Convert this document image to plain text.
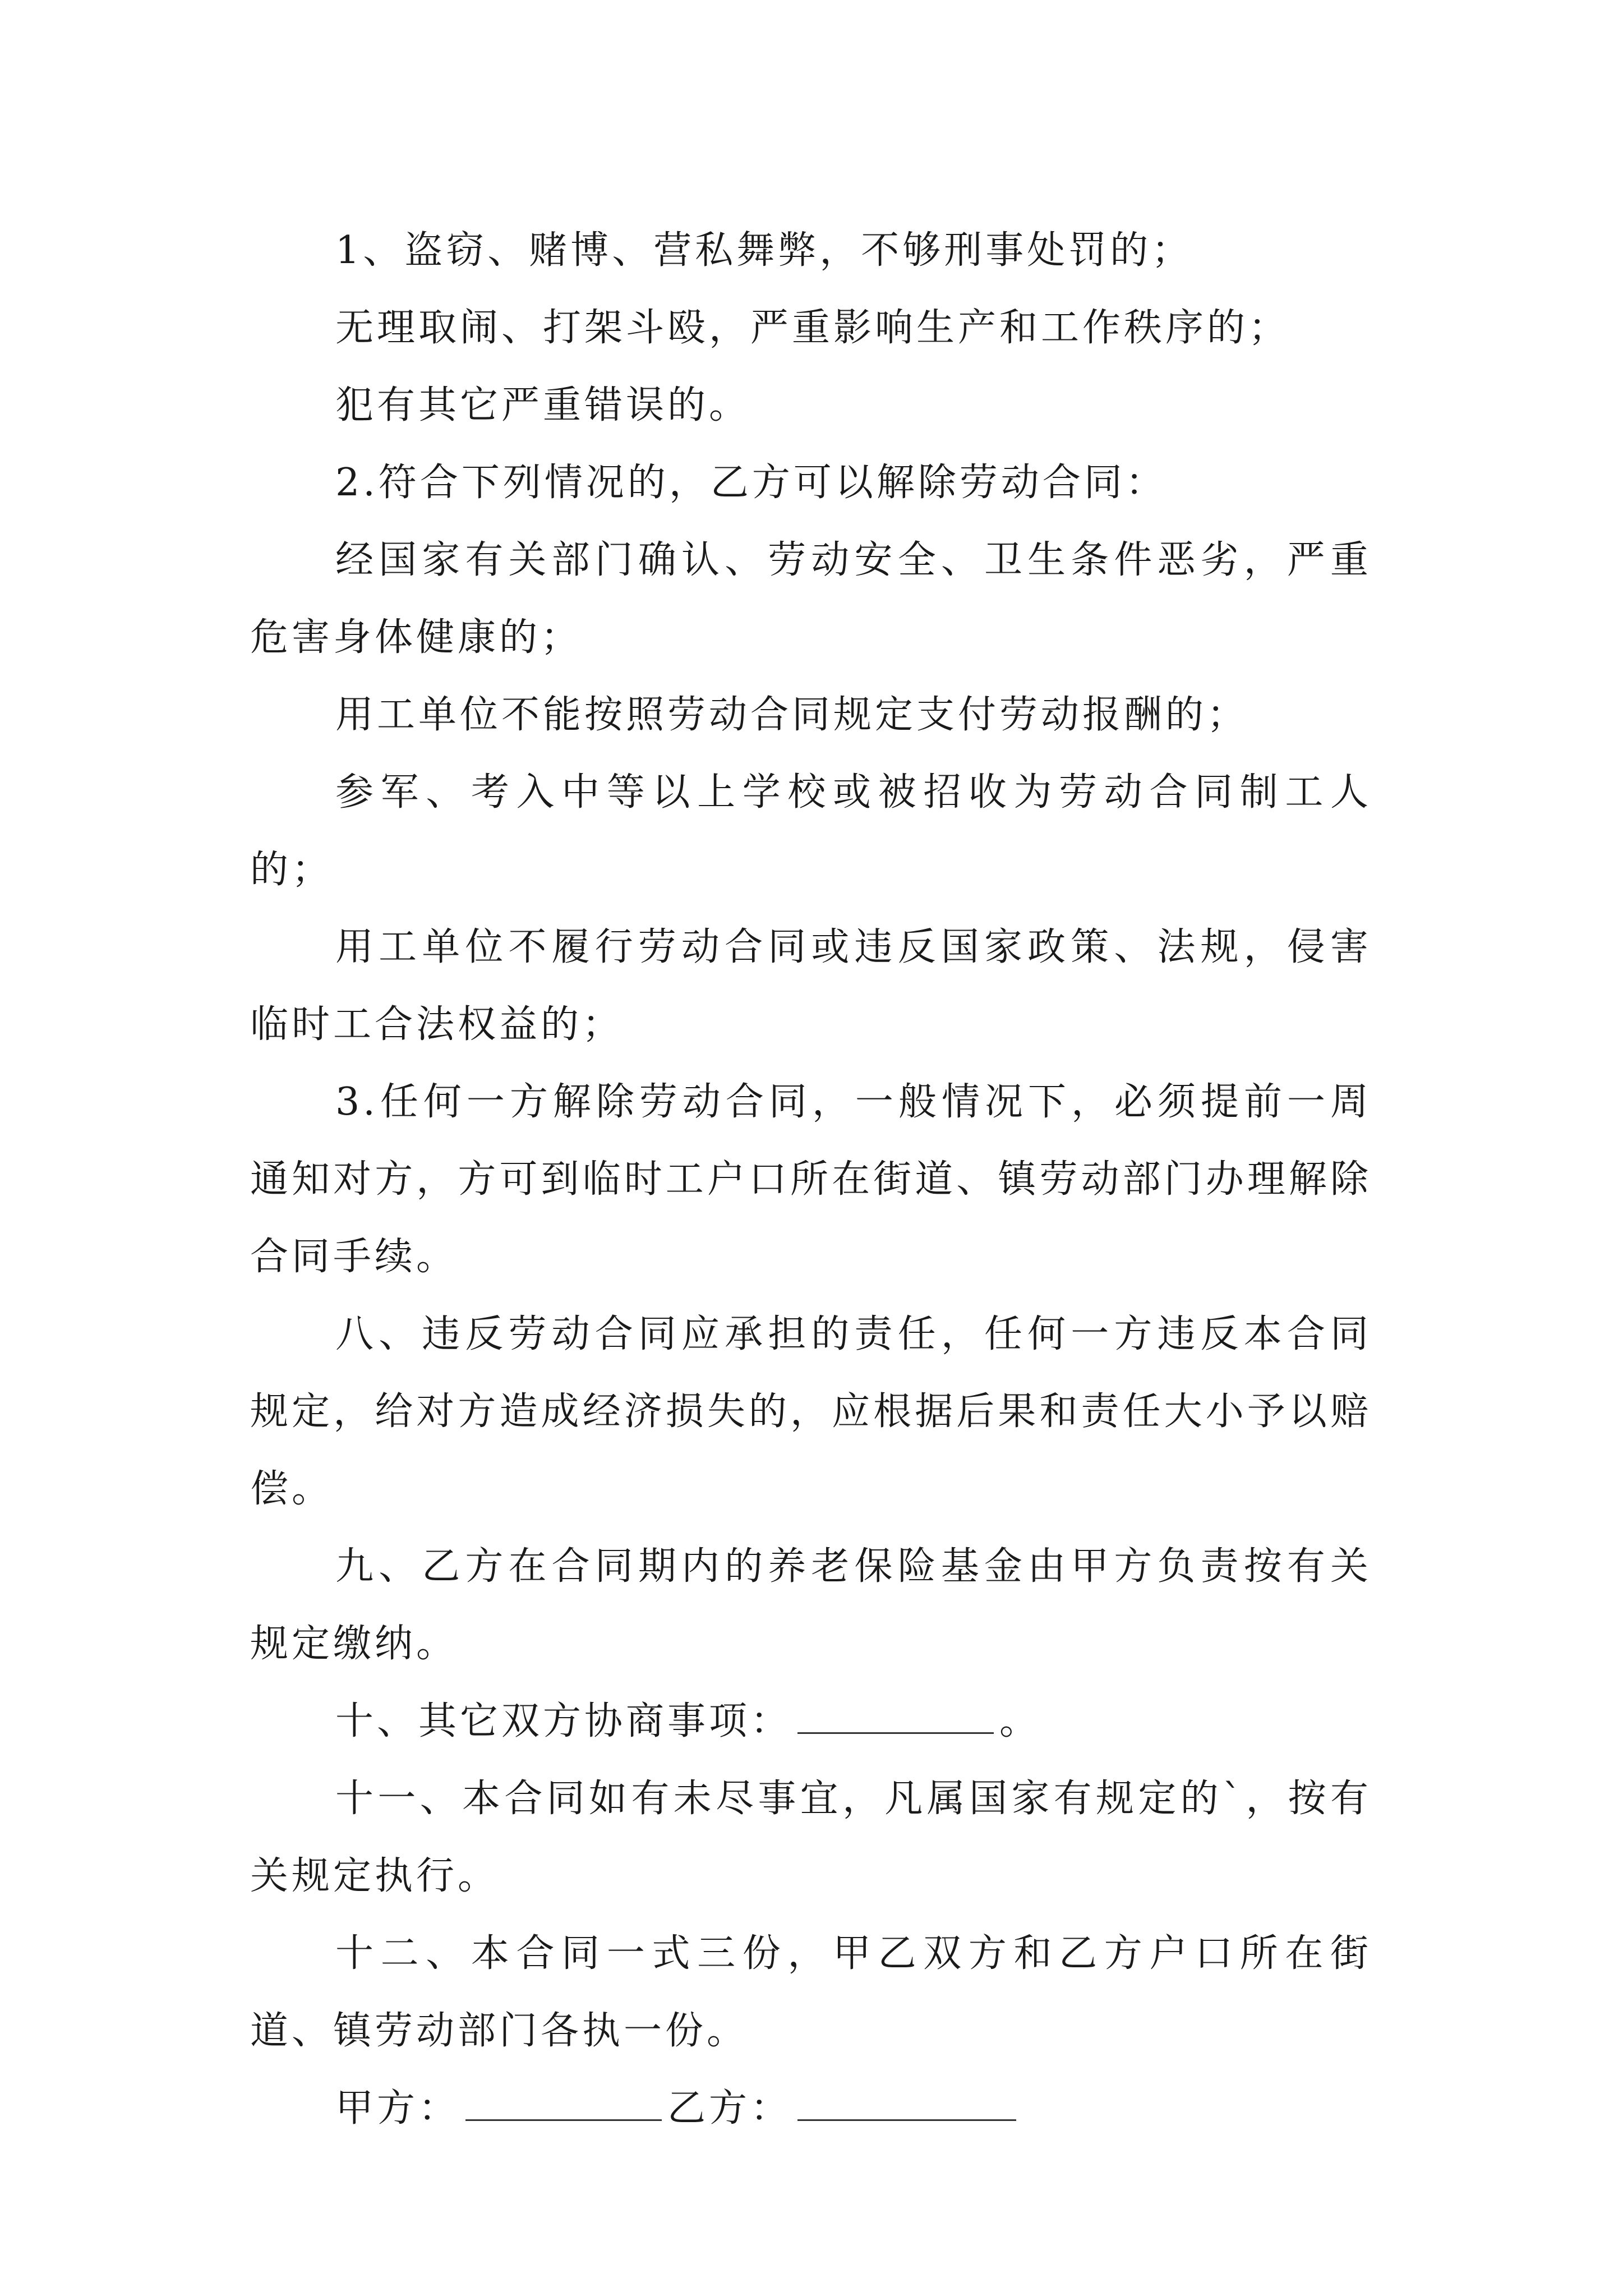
1、盗窃、赌博、营私舞弊，不够刑事处罚的；

无理取闹、打架斗殴，严重影响生产和工作秩序的；

犯有其它严重错误的。

2.符合下列情况的，乙方可以解除劳动合同：

经国家有关部门确认、劳动安全、卫生条件恶劣，严重危害身体健康的；

用工单位不能按照劳动合同规定支付劳动报酬的；

参军、考入中等以上学校或被招收为劳动合同制工人的；

用工单位不履行劳动合同或违反国家政策、法规，侵害临时工合法权益的；

3.任何一方解除劳动合同，一般情况下，必须提前一周通知对方，方可到临时工户口所在街道、镇劳动部门办理解除合同手续。

八、违反劳动合同应承担的责任，任何一方违反本合同规定，给对方造成经济损失的，应根据后果和责任大小予以赔偿。

九、乙方在合同期内的养老保险基金由甲方负责按有关规定缴纳。

十、其它双方协商事项：	。

十一、本合同如有未尽事宜，凡属国家有规定的`，按有关规定执行。

十二、本合同一式三份，甲乙双方和乙方户口所在街道、镇劳动部门各执一份。

甲方：	乙方：
